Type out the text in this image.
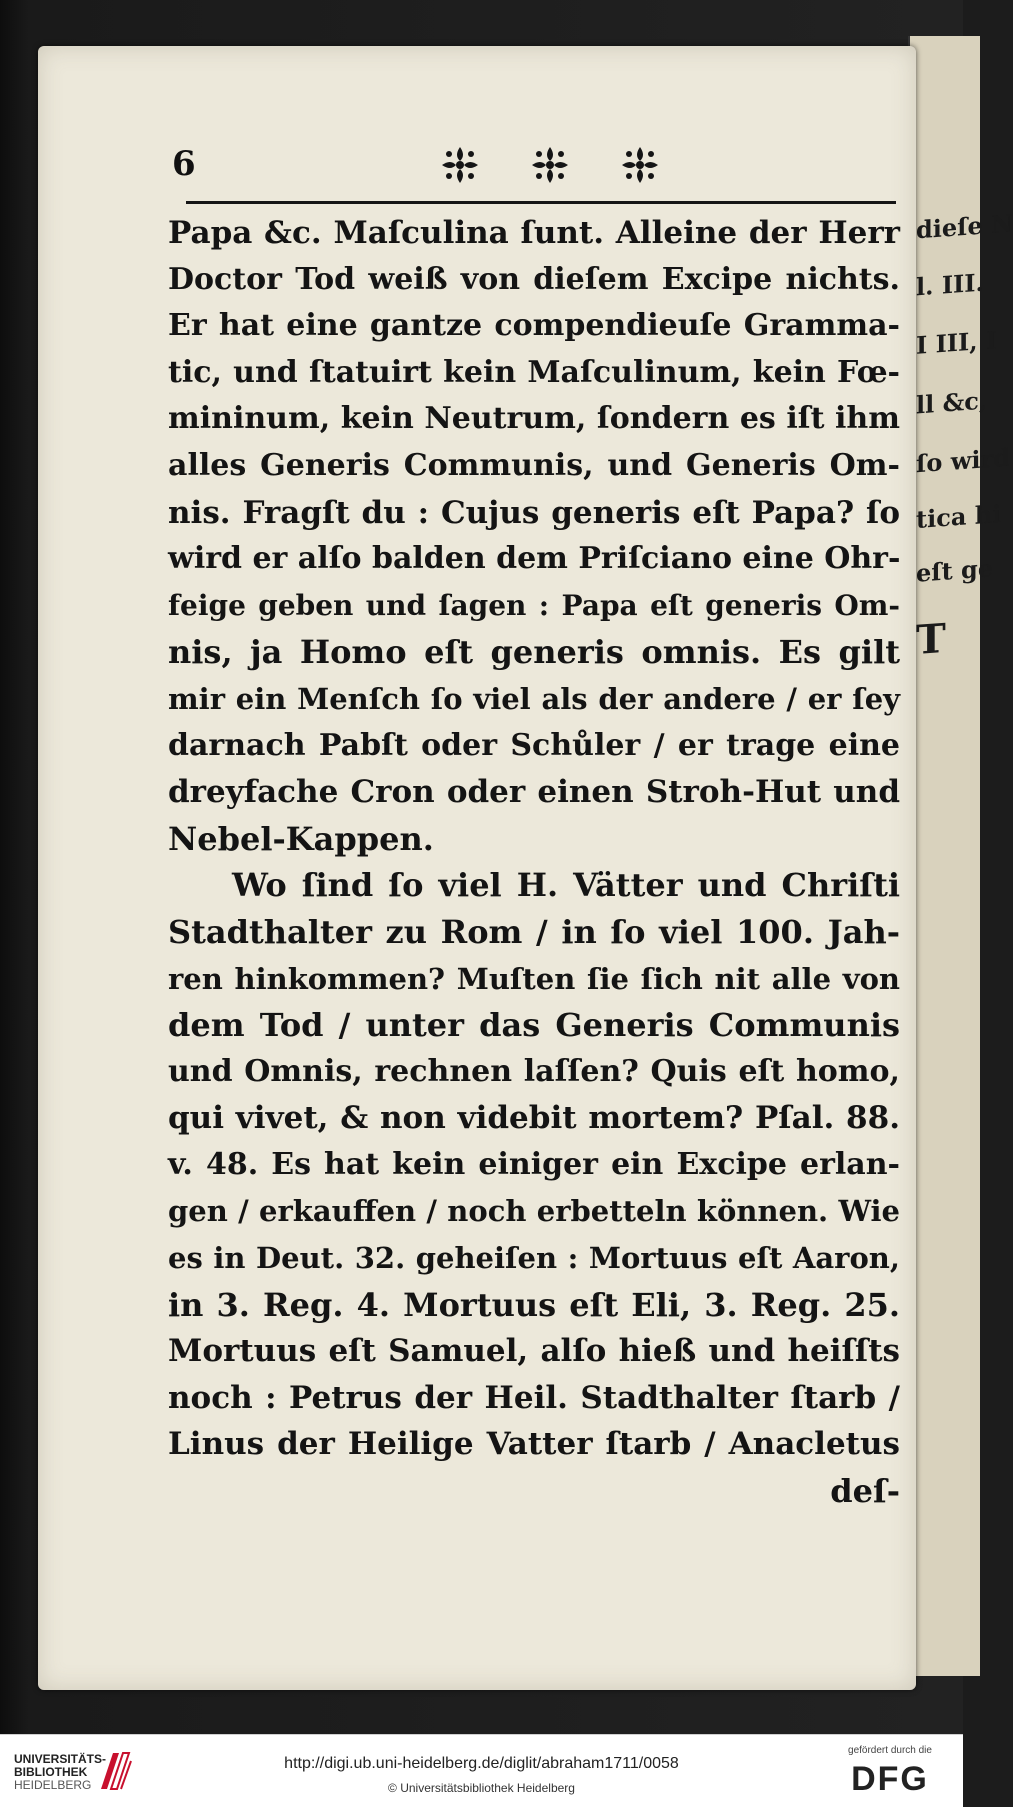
dieſe N
l. III.
I III, I
ll &c,
ſo wird
tica hi
eſt ge
T
6
Papa &c. Maſculina ſunt. Alleine der Herr
Doctor Tod weiß von dieſem Excipe nichts.
Er hat eine gantze compendieuſe Gramma-
tic, und ſtatuirt kein Maſculinum, kein Fœ-
mininum, kein Neutrum, ſondern es iſt ihm
alles Generis Communis, und Generis Om-
nis. Fragſt du : Cujus generis eſt Papa? ſo
wird er alſo balden dem Priſciano eine Ohr-
feige geben und ſagen : Papa eſt generis Om-
nis, ja Homo eſt generis omnis. Es gilt
mir ein Menſch ſo viel als der andere / er ſey
darnach Pabſt oder Schůler / er trage eine
dreyfache Cron oder einen Stroh-Hut und
Nebel-Kappen.
Wo ſind ſo viel H. Vätter und Chriſti
Stadthalter zu Rom / in ſo viel 100. Jah-
ren hinkommen? Muſten ſie ſich nit alle von
dem Tod / unter das Generis Communis
und Omnis, rechnen laſſen? Quis eſt homo,
qui vivet, & non videbit mortem? Pſal. 88.
v. 48. Es hat kein einiger ein Excipe erlan-
gen / erkauffen / noch erbetteln können. Wie
es in Deut. 32. geheiſen : Mortuus eſt Aaron,
in 3. Reg. 4. Mortuus eſt Eli, 3. Reg. 25.
Mortuus eſt Samuel, alſo hieß und heiſſts
noch : Petrus der Heil. Stadthalter ſtarb /
Linus der Heilige Vatter ſtarb / Anacletus
deſ-
UNIVERSITÄTS-
BIBLIOTHEK
HEIDELBERG
http://digi.ub.uni-heidelberg.de/diglit/abraham1711/0058
© Universitätsbibliothek Heidelberg
gefördert durch die
DFG
